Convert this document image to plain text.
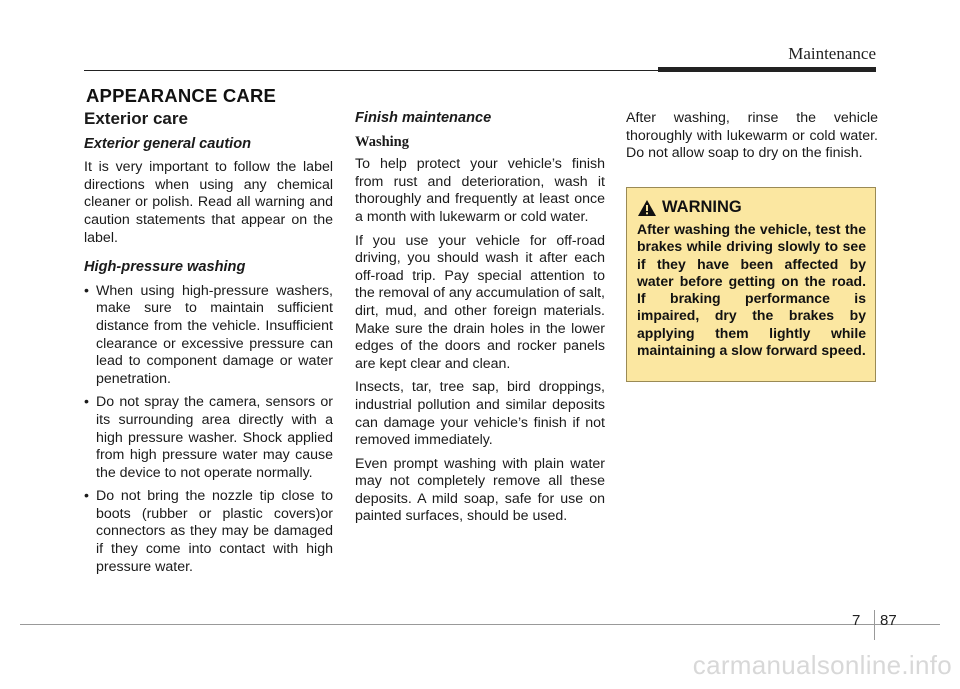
Maintenance
APPEARANCE CARE
Exterior care
Exterior general caution

It is very important to follow the label directions when using any chemical cleaner or polish. Read all warning and caution statements that appear on the label.

High-pressure washing
• When using high-pressure washers, make sure to maintain sufficient distance from the vehicle. Insufficient clearance or excessive pressure can lead to component damage or water penetration.
• Do not spray the camera, sensors or its surrounding area directly with a high pressure washer. Shock applied from high pressure water may cause the device to not operate normally.
• Do not bring the nozzle tip close to boots (rubber or plastic covers)or connectors as they may be damaged if they come into contact with high pressure water.
Finish maintenance
Washing

To help protect your vehicle’s finish from rust and deterioration, wash it thoroughly and frequently at least once a month with lukewarm or cold water.

If you use your vehicle for off-road driving, you should wash it after each off-road trip. Pay special attention to the removal of any accumulation of salt, dirt, mud, and other foreign materials. Make sure the drain holes in the lower edges of the doors and rocker panels are kept clear and clean.

Insects, tar, tree sap, bird droppings, industrial pollution and similar deposits can damage your vehicle’s finish if not removed immediately.

Even prompt washing with plain water may not completely remove all these deposits. A mild soap, safe for use on painted surfaces, should be used.

After washing, rinse the vehicle thoroughly with lukewarm or cold water. Do not allow soap to dry on the finish.

WARNING
After washing the vehicle, test the brakes while driving slowly to see if they have been affected by water before getting on the road. If braking performance is impaired, dry the brakes by applying them lightly while maintaining a slow forward speed.
7 87
carmanualsonline.info
